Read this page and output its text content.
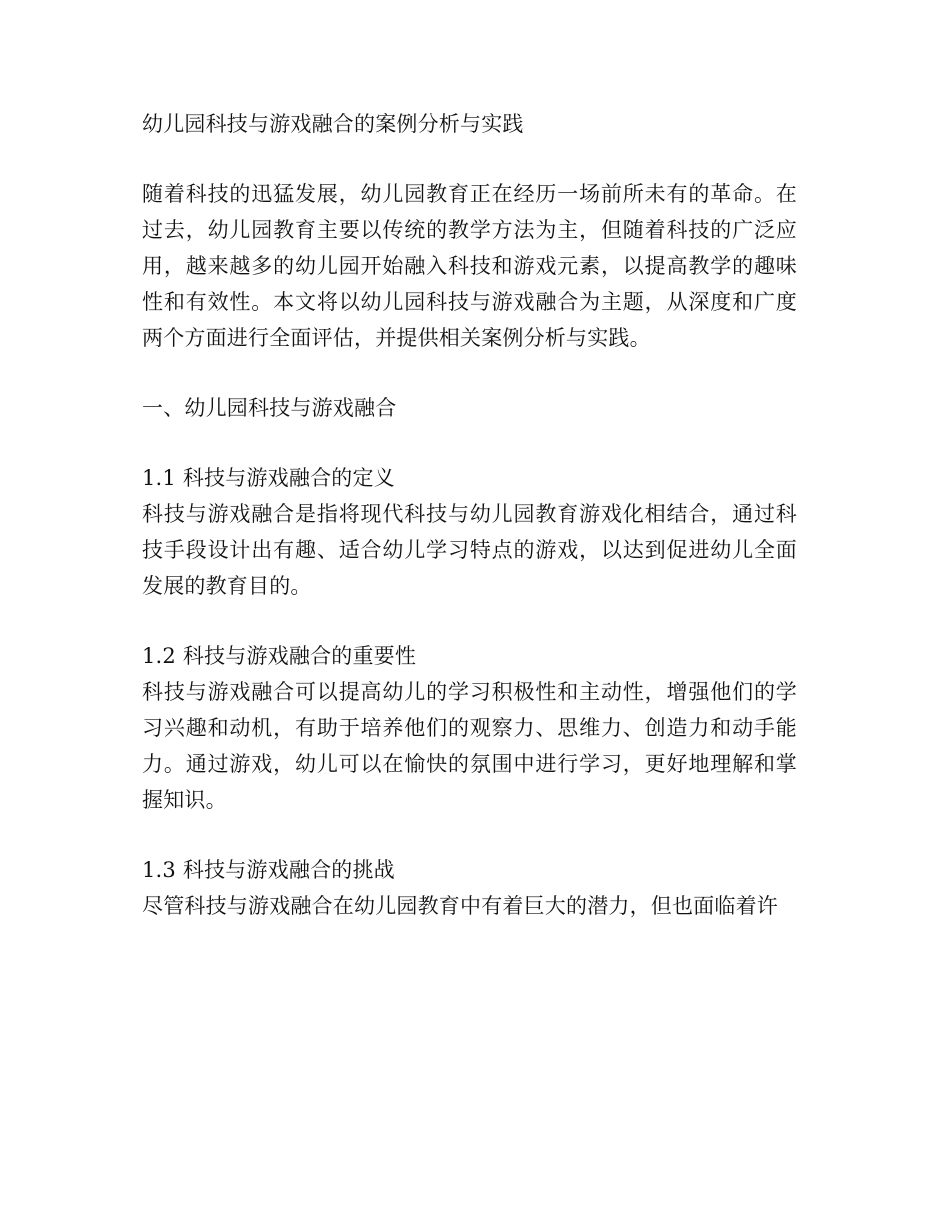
幼儿园科技与游戏融合的案例分析与实践

随着科技的迅猛发展，幼儿园教育正在经历一场前所未有的革命。在过去，幼儿园教育主要以传统的教学方法为主，但随着科技的广泛应用，越来越多的幼儿园开始融入科技和游戏元素，以提高教学的趣味性和有效性。本文将以幼儿园科技与游戏融合为主题，从深度和广度两个方面进行全面评估，并提供相关案例分析与实践。

一、幼儿园科技与游戏融合
1.1 科技与游戏融合的定义

科技与游戏融合是指将现代科技与幼儿园教育游戏化相结合，通过科技手段设计出有趣、适合幼儿学习特点的游戏，以达到促进幼儿全面发展的教育目的。

1.2 科技与游戏融合的重要性

科技与游戏融合可以提高幼儿的学习积极性和主动性，增强他们的学习兴趣和动机，有助于培养他们的观察力、思维力、创造力和动手能力。通过游戏，幼儿可以在愉快的氛围中进行学习，更好地理解和掌握知识。

1.3 科技与游戏融合的挑战

尽管科技与游戏融合在幼儿园教育中有着巨大的潜力，但也面临着许
